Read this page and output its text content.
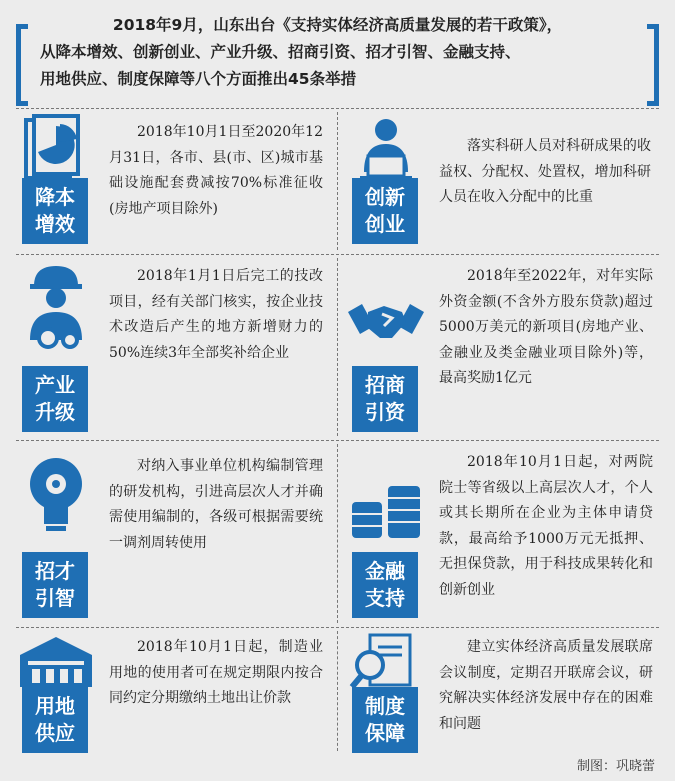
2018年9月，山东出台《支持实体经济高质量发展的若干政策》，
从降本增效、创新创业、产业升级、招商引资、招才引智、金融支持、
用地供应、制度保障等八个方面推出45条举措
降本
增效
2018年10月1日至2020年12月31日，各市、县(市、区)城市基础设施配套费减按70%标准征收(房地产项目除外)	创新
创业
落实科研人员对科研成果的收益权、分配权、处置权，增加科研人员在收入分配中的比重
产业
升级
2018年1月1日后完工的技改项目，经有关部门核实，按企业技术改造后产生的地方新增财力的50%连续3年全部奖补给企业
招商
引资
2018年至2022年，对年实际外资金额(不含外方股东贷款)超过5000万美元的新项目(房地产业、金融业及类金融业项目除外)等，最高奖励1亿元
招才
引智
对纳入事业单位机构编制管理的研发机构，引进高层次人才并确需使用编制的，各级可根据需要统一调剂周转使用
金融
支持
2018年10月1日起，对两院院士等省级以上高层次人才，个人或其长期所在企业为主体申请贷款，最高给予1000万元无抵押、无担保贷款，用于科技成果转化和创新创业
用地
供应
2018年10月1日起，制造业用地的使用者可在规定期限内按合同约定分期缴纳土地出让价款	制度
保障
建立实体经济高质量发展联席会议制度，定期召开联席会议，研究解决实体经济发展中存在的困难和问题
制图：巩晓蕾
